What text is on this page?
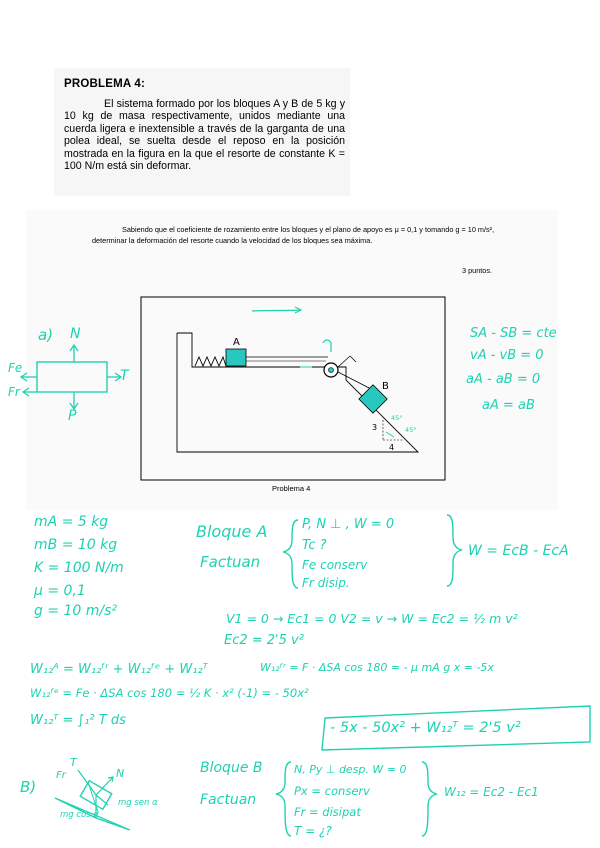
PROBLEMA 4:
El sistema formado por los bloques A y B de 5 kg y 10 kg de masa respectivamente, unidos mediante una cuerda ligera e inextensible a través de la garganta de una polea ideal, se suelta desde el reposo en la posición mostrada en la figura en la que el resorte de constante K = 100 N/m está sin deformar.
Sabiendo que el coeficiente de rozamiento entre los bloques y el plano de apoyo es μ = 0,1 y tomando g = 10 m/s², determinar la deformación del resorte cuando la velocidad de los bloques sea máxima.
3 puntos.
Problema 4
A
B
3
4
45°
45°
a) N
Fe
Fr
T
P
SA - SB = cte
vA - vB = 0
aA - aB = 0
aA = aB
mA = 5 kg
mB = 10 kg
K = 100 N/m
μ = 0,1
g = 10 m/s²
Bloque A
Factuan
P, N ⊥ , W = 0
Tc ?
Fe conserv
Fr disip.
W = EcB - EcA
V1 = 0 → Ec1 = 0 V2 = v → W = Ec2 = ½ m v²
Ec2 = 2'5 v²
W₁₂ᴬ = W₁₂ᶠʳ + W₁₂ᶠᵉ + W₁₂ᵀ	W₁₂ᶠʳ = F · ΔSA cos 180 = - μ mA g x = -5x
W₁₂ᶠᵉ = Fe · ΔSA cos 180 = ½ K · x² (-1) = - 50x²
W₁₂ᵀ = ∫₁² T ds	- 5x - 50x² + W₁₂ᵀ = 2'5 v²
B)
T
Fr	N
mg cos α
mg sen α
Bloque B
Factuan
N, Py ⊥ desp. W = 0
Px = conserv
Fr = disipat
T = ¿?
W₁₂ = Ec2 - Ec1
